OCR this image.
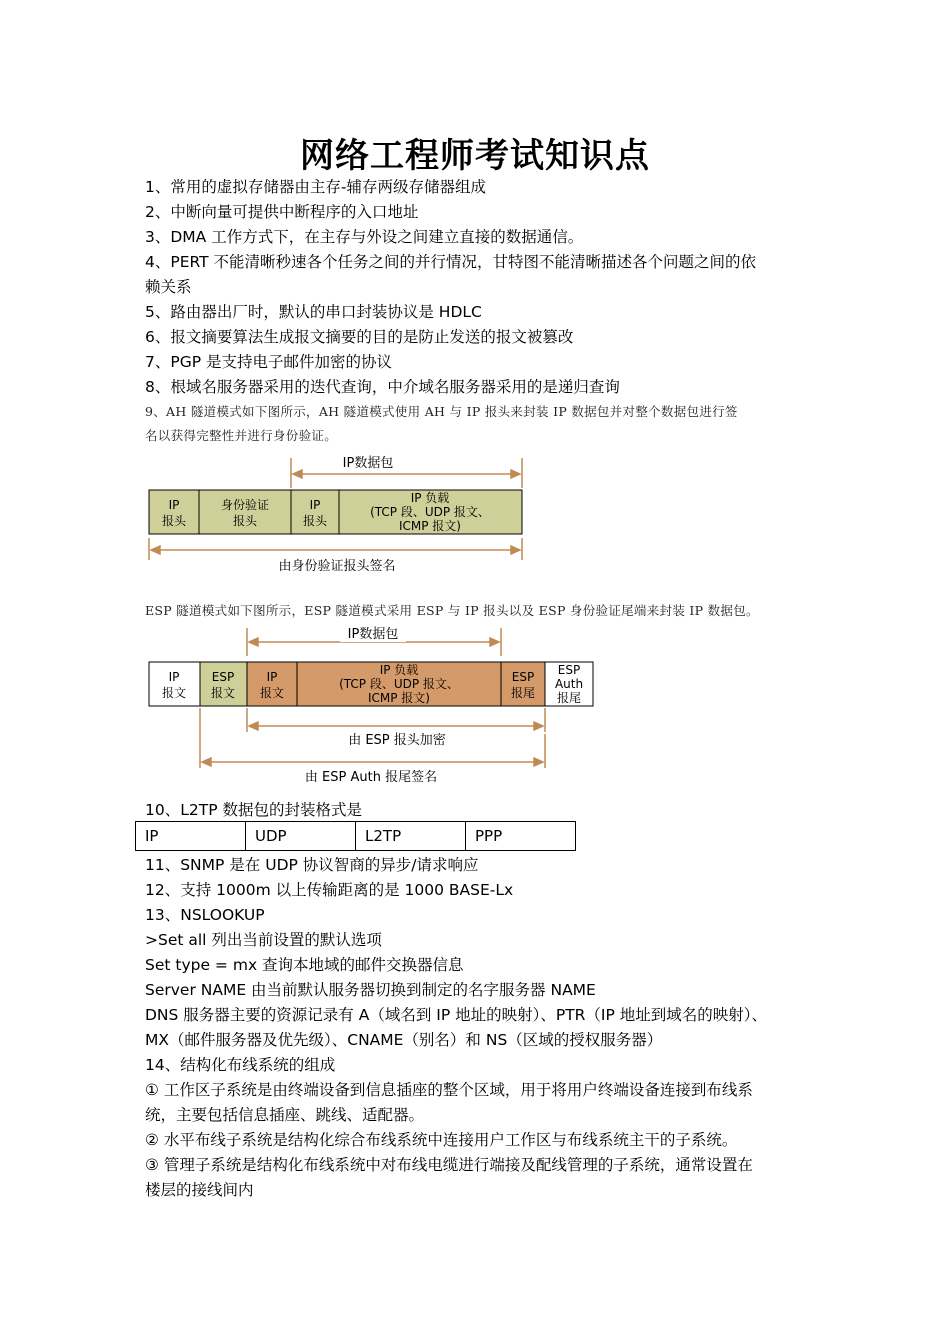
网络工程师考试知识点
1、常用的虚拟存储器由主存-辅存两级存储器组成
2、中断向量可提供中断程序的入口地址
3、DMA 工作方式下，在主存与外设之间建立直接的数据通信。
4、PERT 不能清晰秒速各个任务之间的并行情况，甘特图不能清晰描述各个问题之间的依
赖关系
5、路由器出厂时，默认的串口封装协议是 HDLC
6、报文摘要算法生成报文摘要的目的是防止发送的报文被篡改
7、PGP 是支持电子邮件加密的协议
8、根域名服务器采用的迭代查询，中介域名服务器采用的是递归查询
9、AH 隧道模式如下图所示，AH 隧道模式使用 AH 与 IP 报头来封装 IP 数据包并对整个数据包进行签
名以获得完整性并进行身份验证。
IP数据包
IP
报头
身份验证
报头
IP
报头
IP 负载
(TCP 段、UDP 报文、
ICMP 报文)
由身份验证报头签名
ESP 隧道模式如下图所示，ESP 隧道模式采用 ESP 与 IP 报头以及 ESP 身份验证尾端来封装 IP 数据包。
IP数据包
IP
报文
ESP
报文
IP
报文
IP 负载
(TCP 段、UDP 报文、
ICMP 报文)
ESP
报尾
ESP
Auth
报尾
由 ESP 报头加密
由 ESP Auth 报尾签名
10、L2TP 数据包的封装格式是
IP	UDP	L2TP	PPP
11、SNMP 是在 UDP 协议智商的异步/请求响应
12、支持 1000m 以上传输距离的是 1000 BASE-Lx
13、NSLOOKUP
>Set all 列出当前设置的默认选项
Set type = mx 查询本地域的邮件交换器信息
Server NAME 由当前默认服务器切换到制定的名字服务器 NAME
DNS 服务器主要的资源记录有 A（域名到 IP 地址的映射）、PTR（IP 地址到域名的映射）、
MX（邮件服务器及优先级）、CNAME（别名）和 NS（区域的授权服务器）
14、结构化布线系统的组成
① 工作区子系统是由终端设备到信息插座的整个区域，用于将用户终端设备连接到布线系
统，主要包括信息插座、跳线、适配器。
② 水平布线子系统是结构化综合布线系统中连接用户工作区与布线系统主干的子系统。
③ 管理子系统是结构化布线系统中对布线电缆进行端接及配线管理的子系统，通常设置在
楼层的接线间内
